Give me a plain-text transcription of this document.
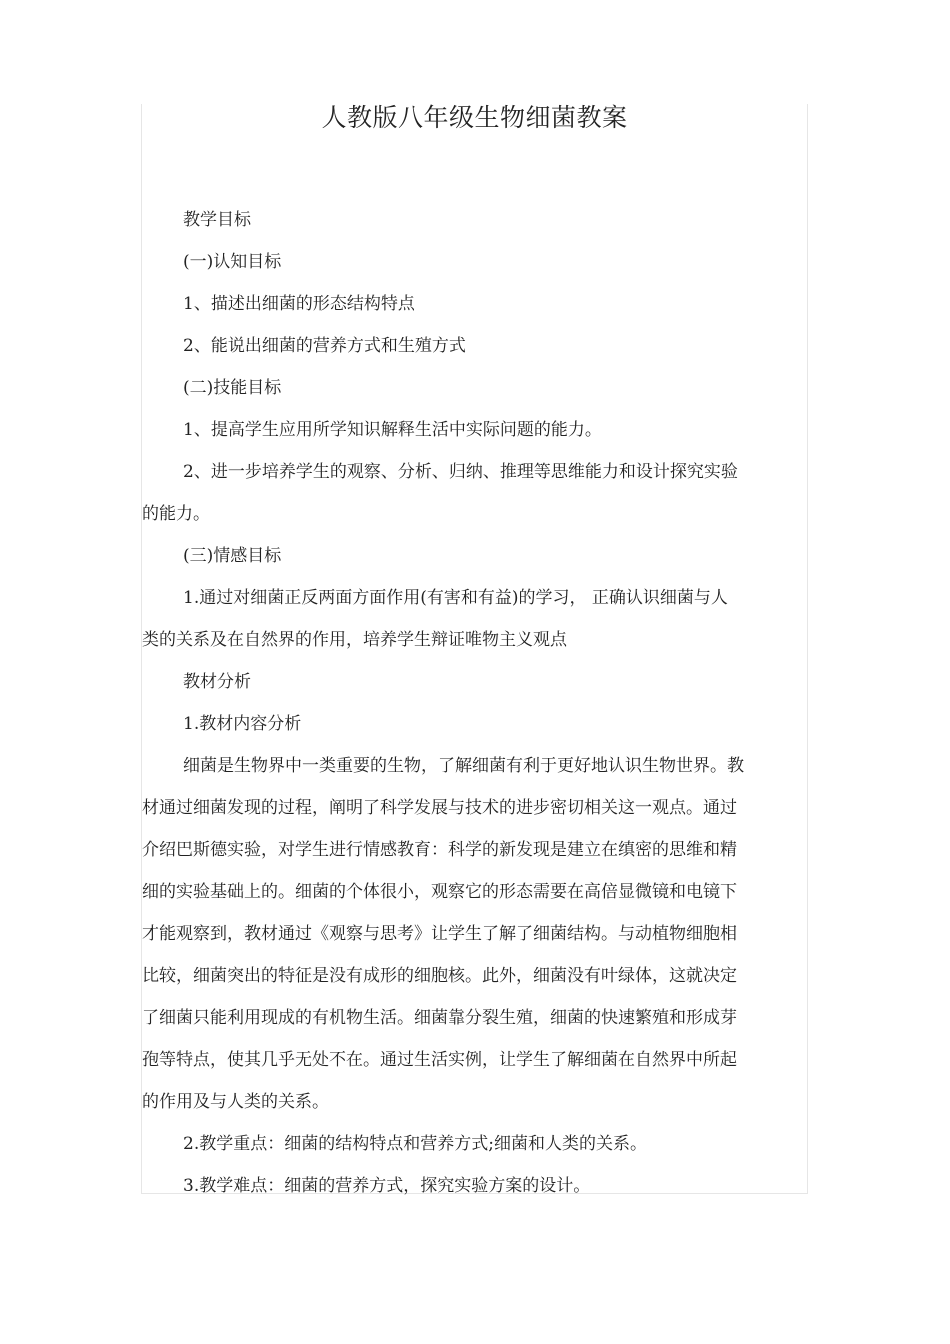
人教版八年级生物细菌教案

教学目标

(一)认知目标

1、描述出细菌的形态结构特点

2、能说出细菌的营养方式和生殖方式

(二)技能目标

1、提高学生应用所学知识解释生活中实际问题的能力。

2、进一步培养学生的观察、分析、归纳、推理等思维能力和设计探究实验

的能力。

(三)情感目标

1.通过对细菌正反两面方面作用(有害和有益)的学习， 正确认识细菌与人

类的关系及在自然界的作用，培养学生辩证唯物主义观点

教材分析

1.教材内容分析

细菌是生物界中一类重要的生物，了解细菌有利于更好地认识生物世界。教

材通过细菌发现的过程，阐明了科学发展与技术的进步密切相关这一观点。通过

介绍巴斯德实验，对学生进行情感教育：科学的新发现是建立在缜密的思维和精

细的实验基础上的。细菌的个体很小，观察它的形态需要在高倍显微镜和电镜下

才能观察到，教材通过《观察与思考》让学生了解了细菌结构。与动植物细胞相

比较，细菌突出的特征是没有成形的细胞核。此外，细菌没有叶绿体，这就决定

了细菌只能利用现成的有机物生活。细菌靠分裂生殖，细菌的快速繁殖和形成芽

孢等特点，使其几乎无处不在。通过生活实例，让学生了解细菌在自然界中所起

的作用及与人类的关系。

2.教学重点：细菌的结构特点和营养方式;细菌和人类的关系。

3.教学难点：细菌的营养方式，探究实验方案的设计。
